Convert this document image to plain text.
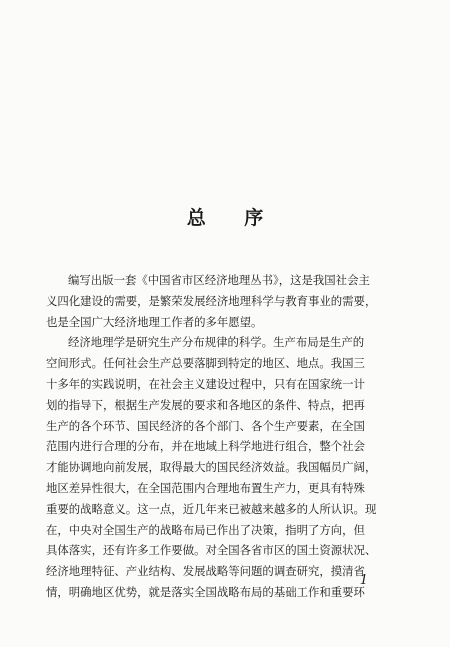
总 序

编写出版一套《中国省市区经济地理丛书》，这是我国社会主
义四化建设的需要，是繁荣发展经济地理科学与教育事业的需要，
也是全国广大经济地理工作者的多年愿望。

经济地理学是研究生产分布规律的科学。生产布局是生产的
空间形式。任何社会生产总要落脚到特定的地区、地点。我国三
十多年的实践说明，在社会主义建设过程中，只有在国家统一计
划的指导下，根据生产发展的要求和各地区的条件、特点，把再
生产的各个环节、国民经济的各个部门、各个生产要素，在全国
范围内进行合理的分布，并在地域上科学地进行组合，整个社会
才能协调地向前发展，取得最大的国民经济效益。我国幅员广阔，
地区差异性很大，在全国范围内合理地布置生产力，更具有特殊
重要的战略意义。这一点，近几年来已被越来越多的人所认识。现
在，中央对全国生产的战略布局已作出了决策，指明了方向，但
具体落实，还有许多工作要做。对全国各省市区的国土资源状况、
经济地理特征、产业结构、发展战略等问题的调查研究，摸清省
情，明确地区优势，就是落实全国战略布局的基础工作和重要环

1
